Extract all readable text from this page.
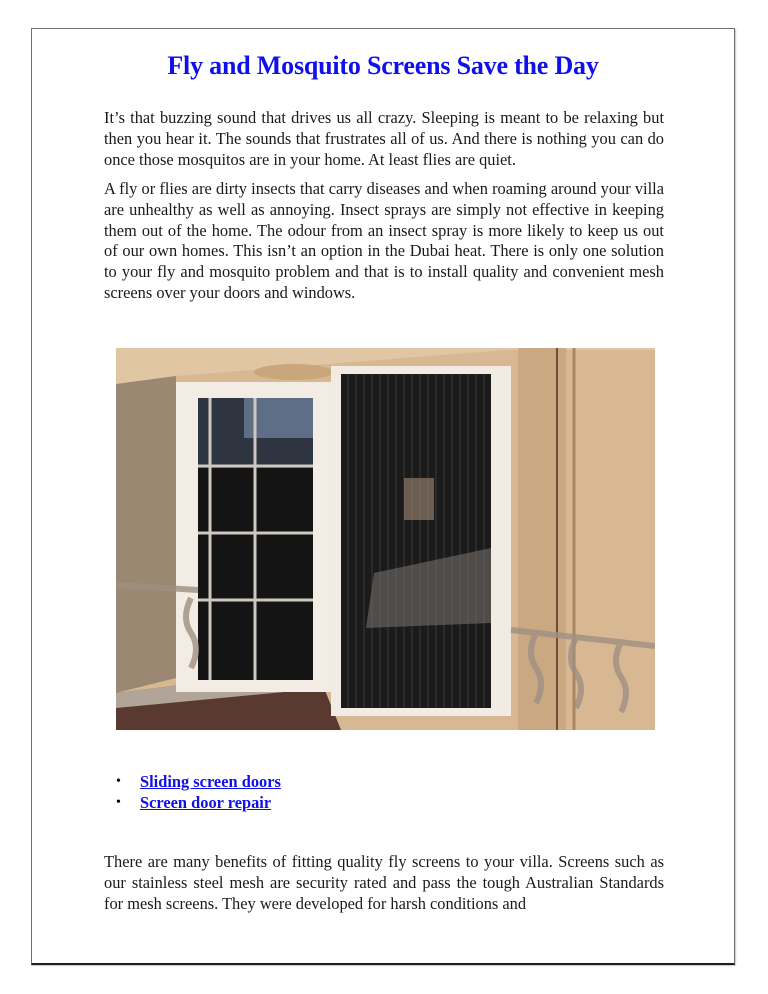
Fly and Mosquito Screens Save the Day

It’s that buzzing sound that drives us all crazy. Sleeping is meant to be relaxing but then you hear it. The sounds that frustrates all of us. And there is nothing you can do once those mosquitos are in your home. At least flies are quiet.

A fly or flies are dirty insects that carry diseases and when roaming around your villa are unhealthy as well as annoying. Insect sprays are simply not effective in keeping them out of the home. The odour from an insect spray is more likely to keep us out of our own homes. This isn’t an option in the Dubai heat. There is only one solution to your fly and mosquito problem and that is to install quality and convenient mesh screens over your doors and windows.

• Sliding screen doors
• Screen door repair

There are many benefits of fitting quality fly screens to your villa. Screens such as our stainless steel mesh are security rated and pass the tough Australian Standards for mesh screens. They were developed for harsh conditions and
